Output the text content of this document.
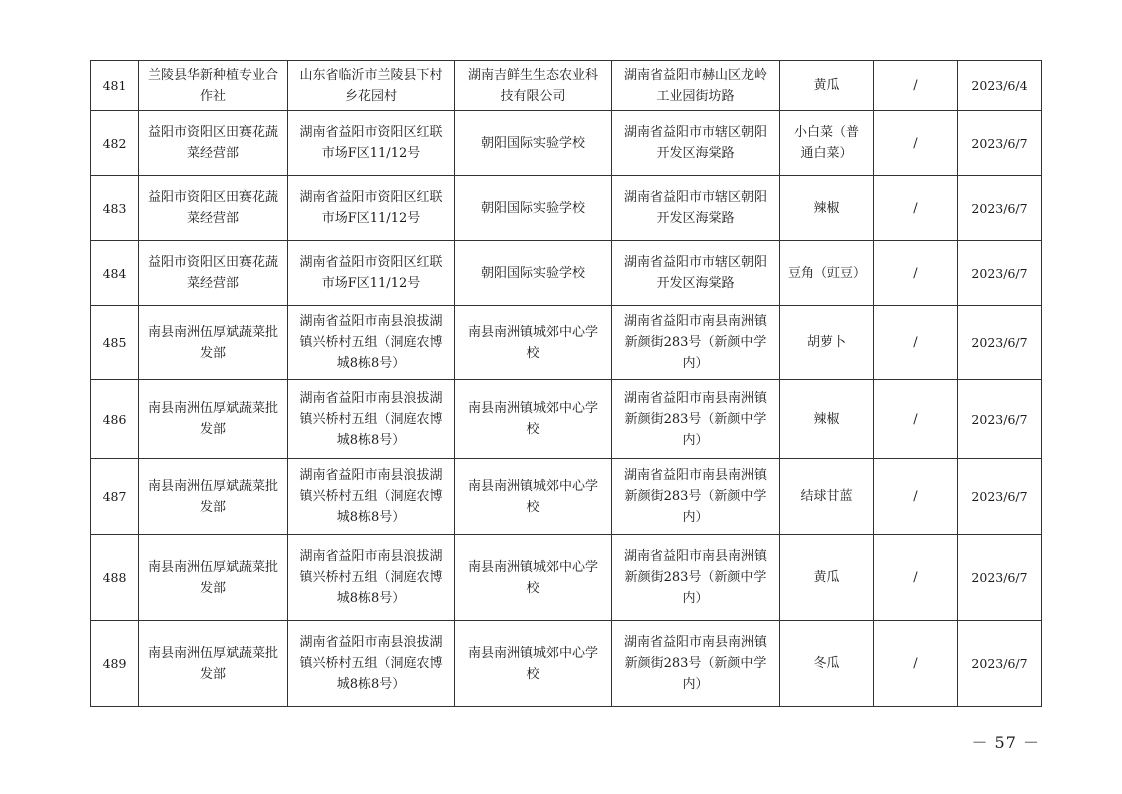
481	兰陵县华新种植专业合作社	山东省临沂市兰陵县下村乡花园村	湖南吉鲜生生态农业科技有限公司	湖南省益阳市赫山区龙岭工业园街坊路	黄瓜	/	2023/6/4
482	益阳市资阳区田赛花蔬菜经营部	湖南省益阳市资阳区红联市场F区11/12号	朝阳国际实验学校	湖南省益阳市市辖区朝阳开发区海棠路	小白菜（普通白菜）	/	2023/6/7
483	益阳市资阳区田赛花蔬菜经营部	湖南省益阳市资阳区红联市场F区11/12号	朝阳国际实验学校	湖南省益阳市市辖区朝阳开发区海棠路	辣椒	/	2023/6/7
484	益阳市资阳区田赛花蔬菜经营部	湖南省益阳市资阳区红联市场F区11/12号	朝阳国际实验学校	湖南省益阳市市辖区朝阳开发区海棠路	豆角（豇豆）	/	2023/6/7
485	南县南洲伍厚斌蔬菜批发部	湖南省益阳市南县浪拔湖镇兴桥村五组（洞庭农博城8栋8号）	南县南洲镇城郊中心学校	湖南省益阳市南县南洲镇新颜街283号（新颜中学内）	胡萝卜	/	2023/6/7
486	南县南洲伍厚斌蔬菜批发部	湖南省益阳市南县浪拔湖镇兴桥村五组（洞庭农博城8栋8号）	南县南洲镇城郊中心学校	湖南省益阳市南县南洲镇新颜街283号（新颜中学内）	辣椒	/	2023/6/7
487	南县南洲伍厚斌蔬菜批发部	湖南省益阳市南县浪拔湖镇兴桥村五组（洞庭农博城8栋8号）	南县南洲镇城郊中心学校	湖南省益阳市南县南洲镇新颜街283号（新颜中学内）	结球甘蓝	/	2023/6/7
488	南县南洲伍厚斌蔬菜批发部	湖南省益阳市南县浪拔湖镇兴桥村五组（洞庭农博城8栋8号）	南县南洲镇城郊中心学校	湖南省益阳市南县南洲镇新颜街283号（新颜中学内）	黄瓜	/	2023/6/7
489	南县南洲伍厚斌蔬菜批发部	湖南省益阳市南县浪拔湖镇兴桥村五组（洞庭农博城8栋8号）	南县南洲镇城郊中心学校	湖南省益阳市南县南洲镇新颜街283号（新颜中学内）	冬瓜	/	2023/6/7
－ 57 －
